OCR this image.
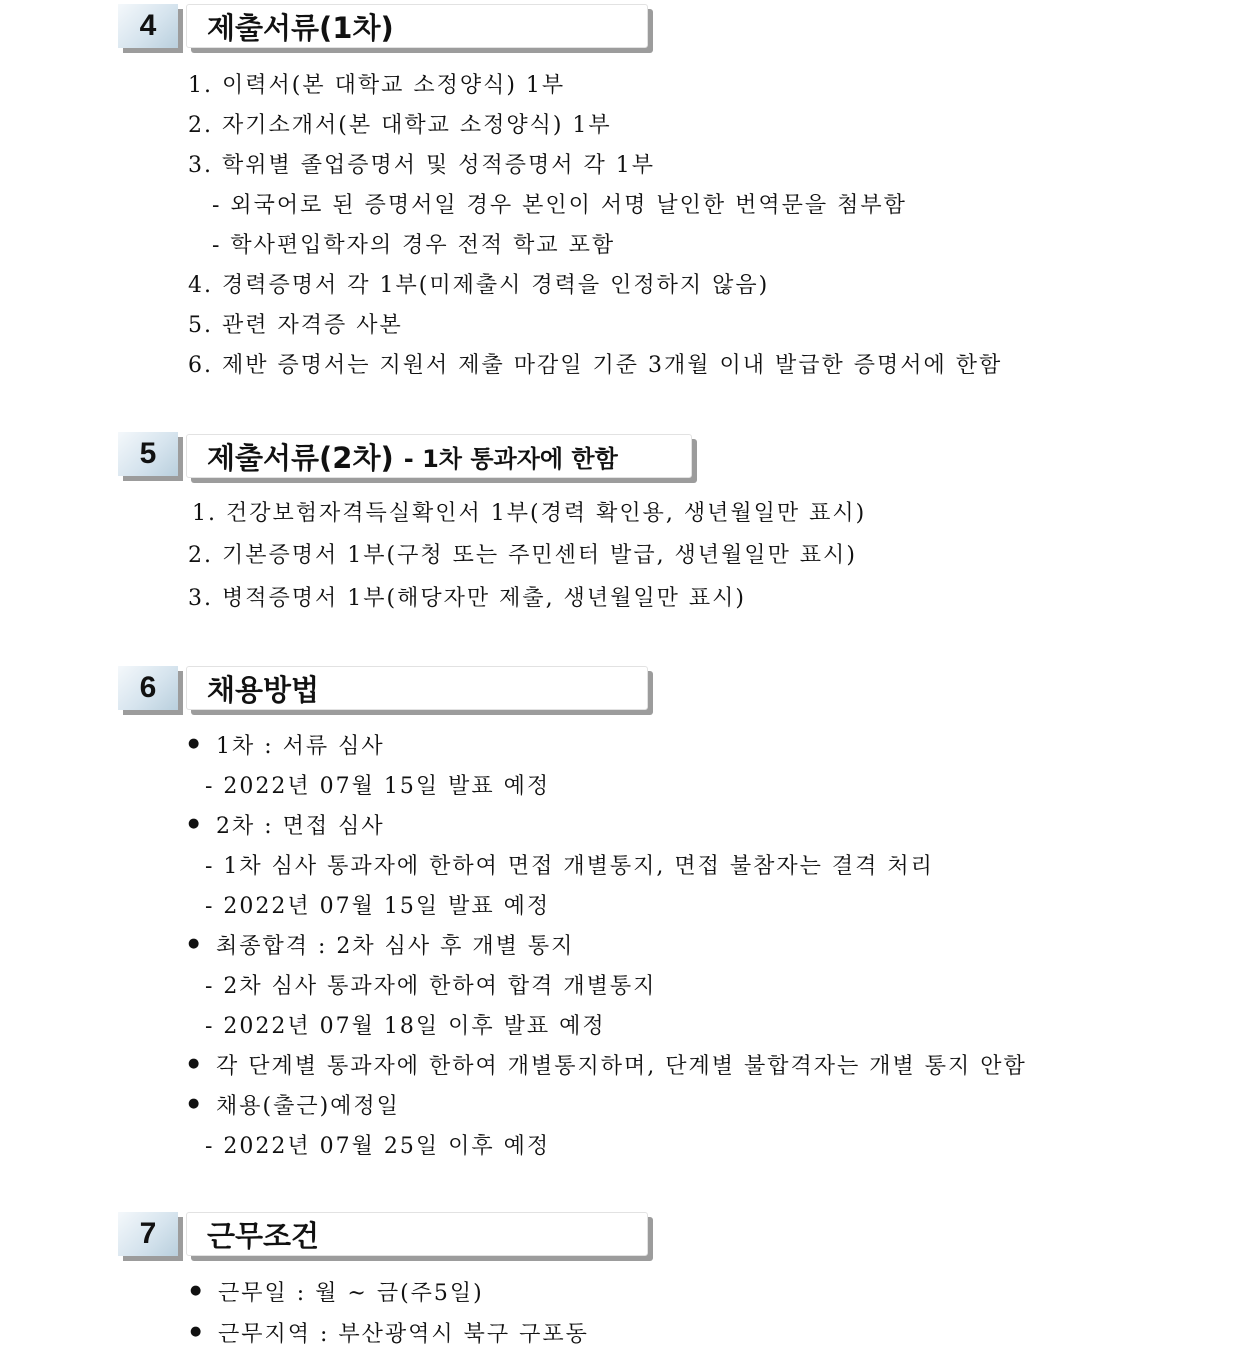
4	제출서류(1차)
1. 이력서(본 대학교 소정양식) 1부
2. 자기소개서(본 대학교 소정양식) 1부
3. 학위별 졸업증명서 및 성적증명서 각 1부
- 외국어로 된 증명서일 경우 본인이 서명 날인한 번역문을 첨부함
- 학사편입학자의 경우 전적 학교 포함
4. 경력증명서 각 1부(미제출시 경력을 인정하지 않음)
5. 관련 자격증 사본
6. 제반 증명서는 지원서 제출 마감일 기준 3개월 이내 발급한 증명서에 한함
5	제출서류(2차) - 1차 통과자에 한함
1. 건강보험자격득실확인서 1부(경력 확인용, 생년월일만 표시)
2. 기본증명서 1부(구청 또는 주민센터 발급, 생년월일만 표시)
3. 병적증명서 1부(해당자만 제출, 생년월일만 표시)
6	채용방법
● 1차 : 서류 심사
- 2022년 07월 15일 발표 예정
● 2차 : 면접 심사
- 1차 심사 통과자에 한하여 면접 개별통지, 면접 불참자는 결격 처리
- 2022년 07월 15일 발표 예정
● 최종합격 : 2차 심사 후 개별 통지
- 2차 심사 통과자에 한하여 합격 개별통지
- 2022년 07월 18일 이후 발표 예정
● 각 단계별 통과자에 한하여 개별통지하며, 단계별 불합격자는 개별 통지 안함
● 채용(출근)예정일
- 2022년 07월 25일 이후 예정
7	근무조건
● 근무일 : 월 ~ 금(주5일)
● 근무지역 : 부산광역시 북구 구포동
